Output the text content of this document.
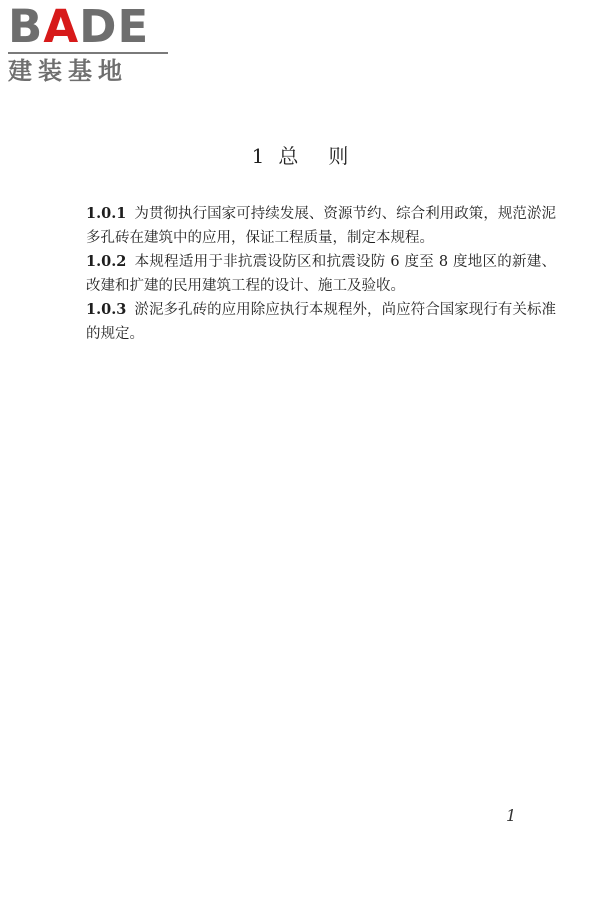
BADE
建装基地
1 总 则

1.0.1 为贯彻执行国家可持续发展、资源节约、综合利用政策，规范淤泥多孔砖在建筑中的应用，保证工程质量，制定本规程。

1.0.2 本规程适用于非抗震设防区和抗震设防 6 度至 8 度地区的新建、改建和扩建的民用建筑工程的设计、施工及验收。

1.0.3 淤泥多孔砖的应用除应执行本规程外，尚应符合国家现行有关标准的规定。

1
